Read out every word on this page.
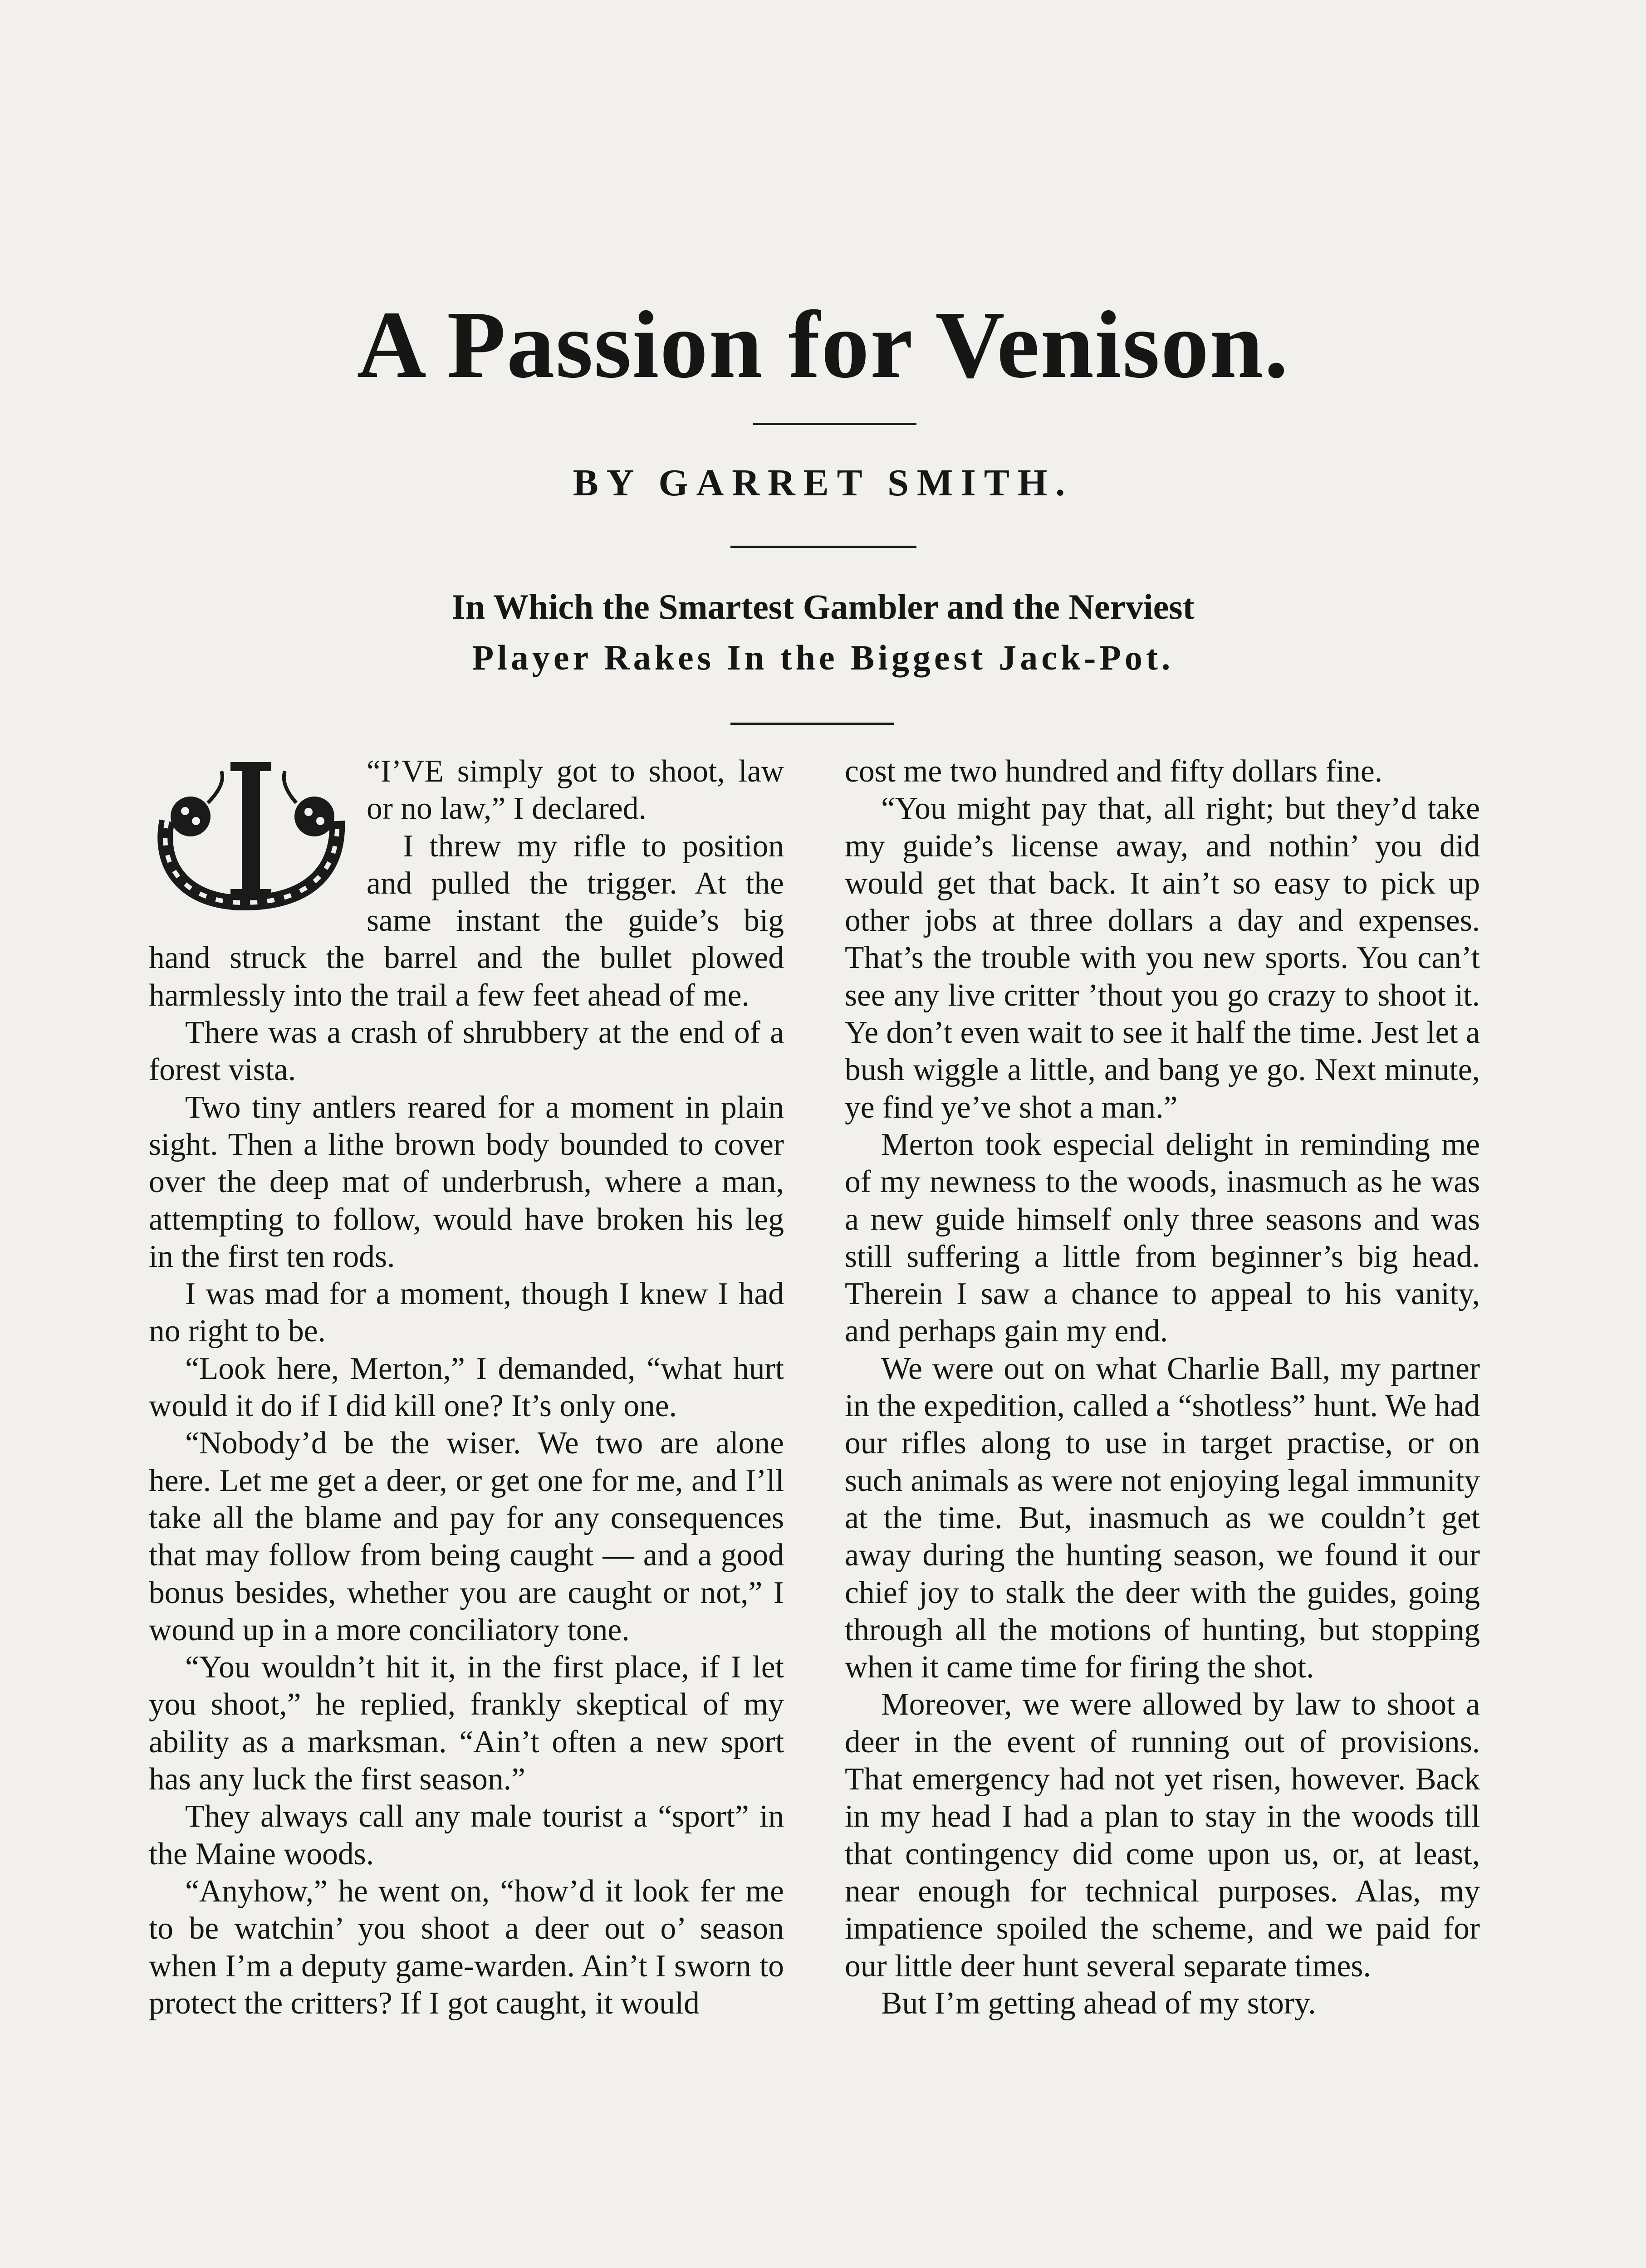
A Passion for Venison.
BY GARRET SMITH.
In Which the Smartest Gambler and the Nerviest
Player Rakes In the Biggest Jack-Pot.

“I’VE simply got to shoot, law or no law,” I declared.

I threw my rifle to position and pulled the trigger. At the same instant the guide’s big hand struck the barrel and the bullet plowed harmlessly into the trail a few feet ahead of me.

There was a crash of shrubbery at the end of a forest vista.

Two tiny antlers reared for a moment in plain sight. Then a lithe brown body bounded to cover over the deep mat of underbrush, where a man, attempting to follow, would have broken his leg in the first ten rods.

I was mad for a moment, though I knew I had no right to be.

“Look here, Merton,” I demanded, “what hurt would it do if I did kill one? It’s only one.

“Nobody’d be the wiser. We two are alone here. Let me get a deer, or get one for me, and I’ll take all the blame and pay for any consequences that may follow from being caught — and a good bonus besides, whether you are caught or not,” I wound up in a more conciliatory tone.

“You wouldn’t hit it, in the first place, if I let you shoot,” he replied, frankly skeptical of my ability as a marksman. “Ain’t often a new sport has any luck the first season.”

They always call any male tourist a “sport” in the Maine woods.

“Anyhow,” he went on, “how’d it look fer me to be watchin’ you shoot a deer out o’ season when I’m a deputy game-warden. Ain’t I sworn to protect the critters? If I got caught, it would

cost me two hundred and fifty dollars fine.

“You might pay that, all right; but they’d take my guide’s license away, and nothin’ you did would get that back. It ain’t so easy to pick up other jobs at three dollars a day and expenses. That’s the trouble with you new sports. You can’t see any live critter ’thout you go crazy to shoot it. Ye don’t even wait to see it half the time. Jest let a bush wiggle a little, and bang ye go. Next minute, ye find ye’ve shot a man.”

Merton took especial delight in reminding me of my newness to the woods, inasmuch as he was a new guide himself only three seasons and was still suffering a little from beginner’s big head. Therein I saw a chance to appeal to his vanity, and perhaps gain my end.

We were out on what Charlie Ball, my partner in the expedition, called a “shotless” hunt. We had our rifles along to use in target practise, or on such animals as were not enjoying legal immunity at the time. But, inasmuch as we couldn’t get away during the hunting season, we found it our chief joy to stalk the deer with the guides, going through all the motions of hunting, but stopping when it came time for firing the shot.

Moreover, we were allowed by law to shoot a deer in the event of running out of provisions. That emergency had not yet risen, however. Back in my head I had a plan to stay in the woods till that contingency did come upon us, or, at least, near enough for technical purposes. Alas, my impatience spoiled the scheme, and we paid for our little deer hunt several separate times.

But I’m getting ahead of my story.
